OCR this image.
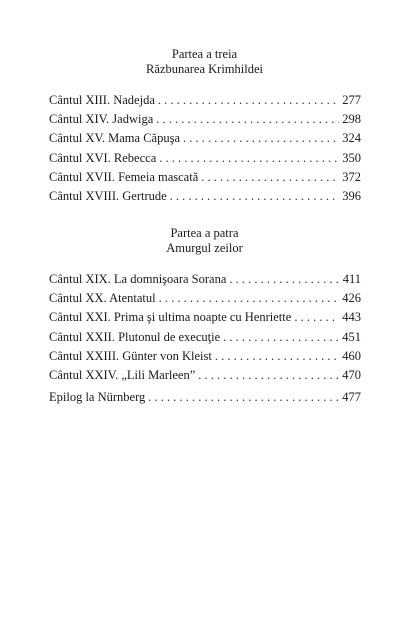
Partea a treia
Răzbunarea Krimhildei
Cântul XIII. Nadejda . . .	277
Cântul XIV. Jadwiga . . .	298
Cântul XV. Mama Căpuşa . . .	324
Cântul XVI. Rebecca . . .	350
Cântul XVII. Femeia mascată . . .	372
Cântul XVIII. Gertrude . . .	396
Partea a patra
Amurgul zeilor
Cântul XIX. La domnişoara Sorana . . .	411
Cântul XX. Atentatul . . .	426
Cântul XXI. Prima şi ultima noapte cu Henriette . . .	443
Cântul XXII. Plutonul de execuţie . . .	451
Cântul XXIII. Günter von Kleist . . .	460
Cântul XXIV. „Lili Marleen” . . .	470
Epilog la Nürnberg . . .	477
